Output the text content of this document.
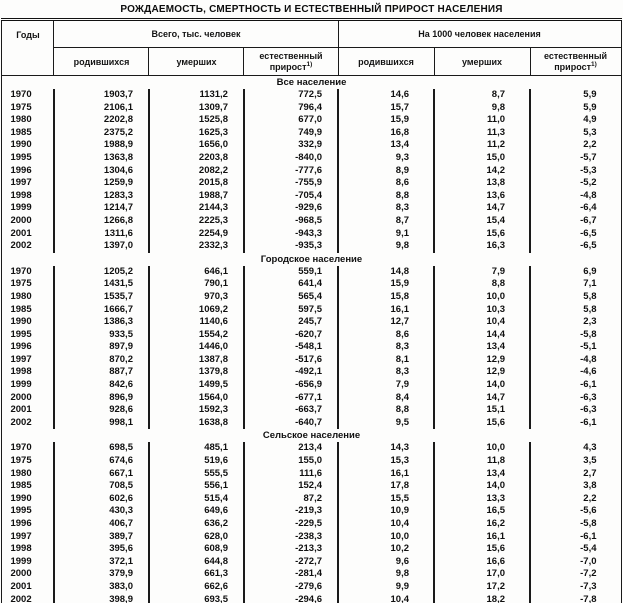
РОЖДАЕМОСТЬ, СМЕРТНОСТЬ И ЕСТЕСТВЕННЫЙ ПРИРОСТ НАСЕЛЕНИЯ
Годы	Всего, тыс. человек			На 1000 человек населения		
	родившихся	умерших	естественный прирост$^{1)}$	родившихся	умерших	естественный прирост$^{1)}$
Все население						
1970	1903,7	1131,2	772,5	14,6	8,7	5,9
1975	2106,1	1309,7	796,4	15,7	9,8	5,9
1980	2202,8	1525,8	677,0	15,9	11,0	4,9
1985	2375,2	1625,3	749,9	16,8	11,3	5,3
1990	1988,9	1656,0	332,9	13,4	11,2	2,2
1995	1363,8	2203,8	-840,0	9,3	15,0	-5,7
1996	1304,6	2082,2	-777,6	8,9	14,2	-5,3
1997	1259,9	2015,8	-755,9	8,6	13,8	-5,2
1998	1283,3	1988,7	-705,4	8,8	13,6	-4,8
1999	1214,7	2144,3	-929,6	8,3	14,7	-6,4
2000	1266,8	2225,3	-968,5	8,7	15,4	-6,7
2001	1311,6	2254,9	-943,3	9,1	15,6	-6,5
2002	1397,0	2332,3	-935,3	9,8	16,3	-6,5
Городское население						
1970	1205,2	646,1	559,1	14,8	7,9	6,9
1975	1431,5	790,1	641,4	15,9	8,8	7,1
1980	1535,7	970,3	565,4	15,8	10,0	5,8
1985	1666,7	1069,2	597,5	16,1	10,3	5,8
1990	1386,3	1140,6	245,7	12,7	10,4	2,3
1995	933,5	1554,2	-620,7	8,6	14,4	-5,8
1996	897,9	1446,0	-548,1	8,3	13,4	-5,1
1997	870,2	1387,8	-517,6	8,1	12,9	-4,8
1998	887,7	1379,8	-492,1	8,3	12,9	-4,6
1999	842,6	1499,5	-656,9	7,9	14,0	-6,1
2000	896,9	1564,0	-677,1	8,4	14,7	-6,3
2001	928,6	1592,3	-663,7	8,8	15,1	-6,3
2002	998,1	1638,8	-640,7	9,5	15,6	-6,1
Сельское население						
1970	698,5	485,1	213,4	14,3	10,0	4,3
1975	674,6	519,6	155,0	15,3	11,8	3,5
1980	667,1	555,5	111,6	16,1	13,4	2,7
1985	708,5	556,1	152,4	17,8	14,0	3,8
1990	602,6	515,4	87,2	15,5	13,3	2,2
1995	430,3	649,6	-219,3	10,9	16,5	-5,6
1996	406,7	636,2	-229,5	10,4	16,2	-5,8
1997	389,7	628,0	-238,3	10,0	16,1	-6,1
1998	395,6	608,9	-213,3	10,2	15,6	-5,4
1999	372,1	644,8	-272,7	9,6	16,6	-7,0
2000	379,9	661,3	-281,4	9,8	17,0	-7,2
2001	383,0	662,6	-279,6	9,9	17,2	-7,3
2002	398,9	693,5	-294,6	10,4	18,2	-7,8
